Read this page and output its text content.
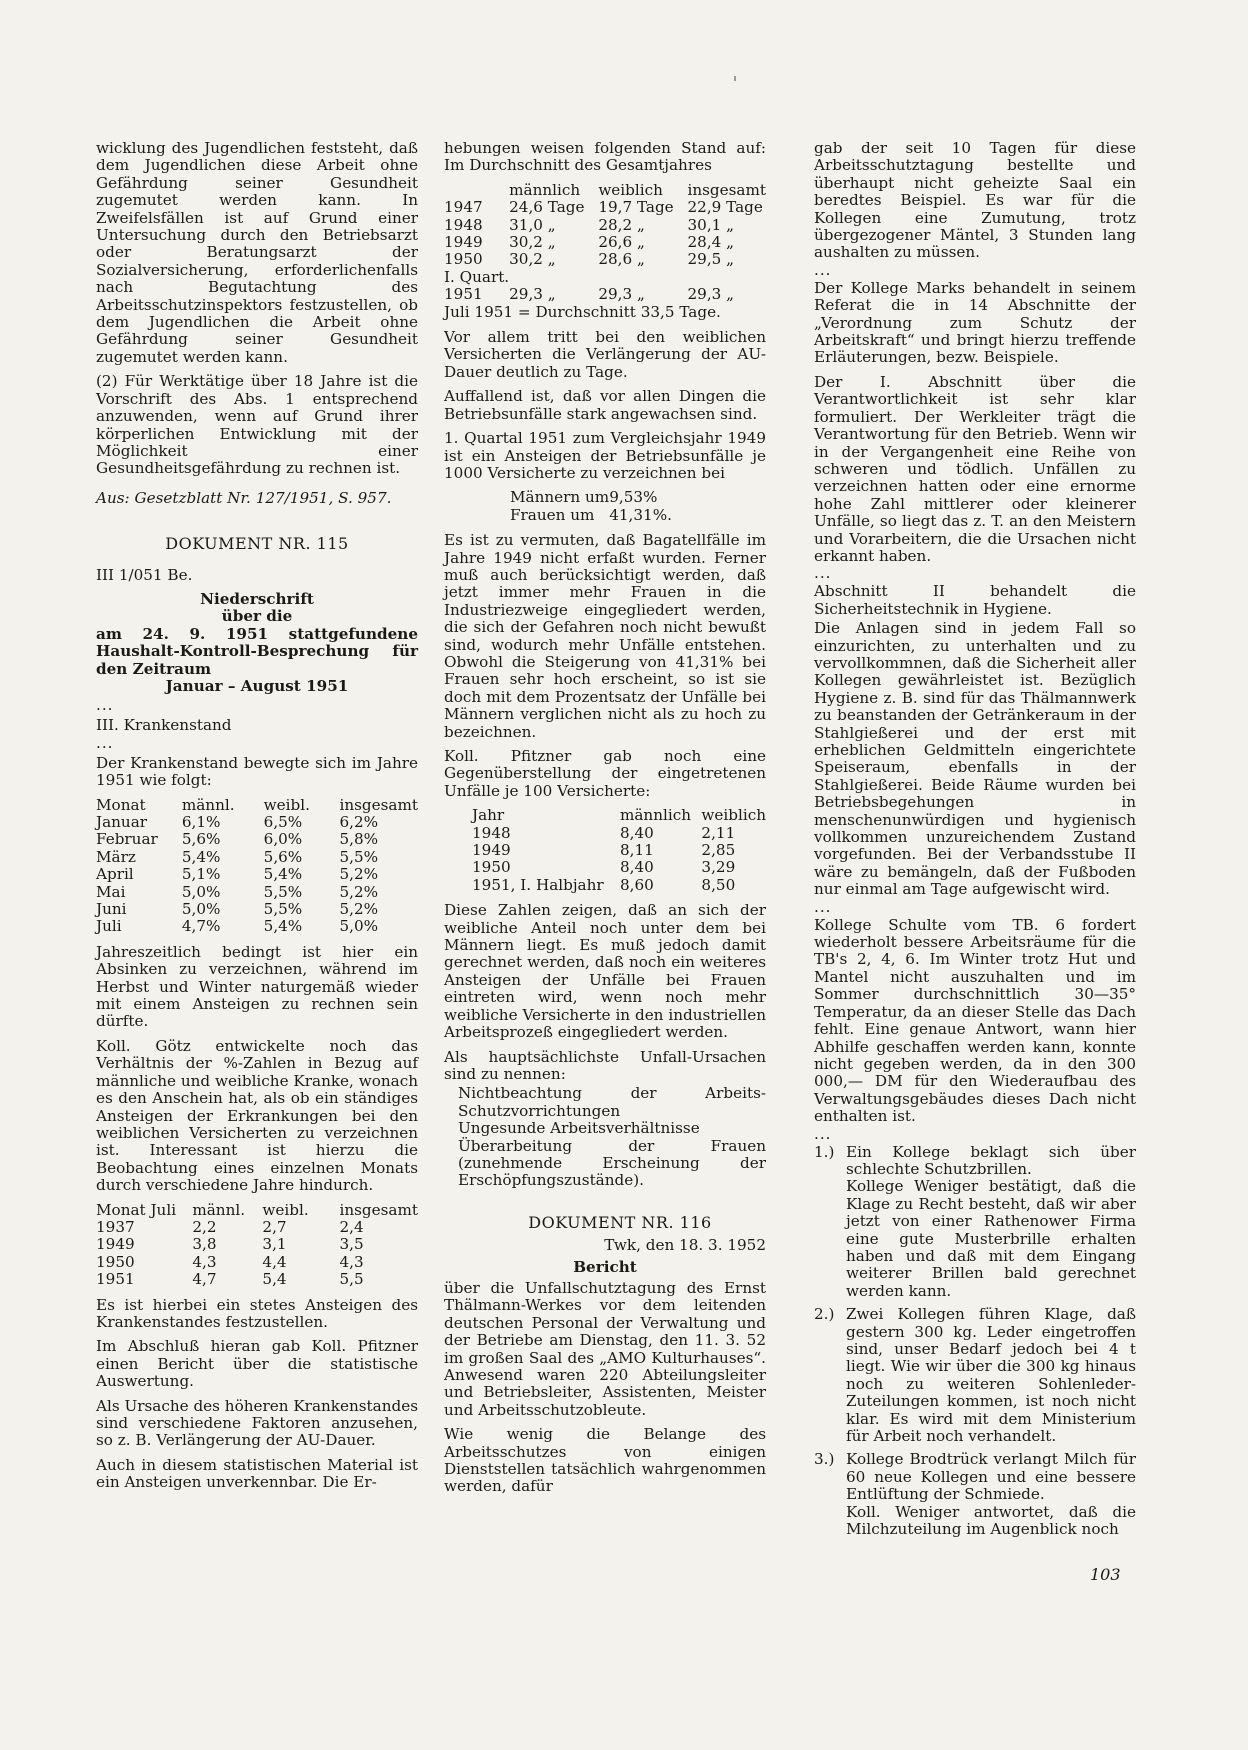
wicklung des Jugendlichen feststeht, daß dem Jugendlichen diese Arbeit ohne Gefährdung seiner Gesundheit zugemutet werden kann. In Zweifelsfällen ist auf Grund einer Untersuchung durch den Betriebsarzt oder Beratungsarzt der Sozialversicherung, erforderlichenfalls nach Begutachtung des Arbeitsschutzinspektors festzustellen, ob dem Jugendlichen die Arbeit ohne Gefährdung seiner Gesundheit zugemutet werden kann.

(2) Für Werktätige über 18 Jahre ist die Vorschrift des Abs. 1 entsprechend anzuwenden, wenn auf Grund ihrer körperlichen Entwicklung mit der Möglichkeit einer Gesundheitsgefährdung zu rechnen ist.

Aus: Gesetzblatt Nr. 127/1951, S. 957.

DOKUMENT NR. 115

III 1/051 Be.

Niederschrift
über die
am 24. 9. 1951 stattgefundene Haushalt-Kontroll-Besprechung für den Zeitraum
Januar – August 1951
...

III. Krankenstand

...

Der Krankenstand bewegte sich im Jahre 1951 wie folgt:

Monat	männl.	weibl.	insgesamt
Januar	6,1%	6,5%	6,2%
Februar	5,6%	6,0%	5,8%
März	5,4%	5,6%	5,5%
April	5,1%	5,4%	5,2%
Mai	5,0%	5,5%	5,2%
Juni	5,0%	5,5%	5,2%
Juli	4,7%	5,4%	5,0%

Jahreszeitlich bedingt ist hier ein Absinken zu verzeichnen, während im Herbst und Winter naturgemäß wieder mit einem Ansteigen zu rechnen sein dürfte.

Koll. Götz entwickelte noch das Verhältnis der %-Zahlen in Bezug auf männliche und weibliche Kranke, wonach es den Anschein hat, als ob ein ständiges Ansteigen der Erkrankungen bei den weiblichen Versicherten zu verzeichnen ist. Interessant ist hierzu die Beobachtung eines einzelnen Monats durch verschiedene Jahre hindurch.

Monat Juli	männl.	weibl.	insgesamt
1937	2,2	2,7	2,4
1949	3,8	3,1	3,5
1950	4,3	4,4	4,3
1951	4,7	5,4	5,5

Es ist hierbei ein stetes Ansteigen des Krankenstandes festzustellen.

Im Abschluß hieran gab Koll. Pfitzner einen Bericht über die statistische Auswertung.

Als Ursache des höheren Krankenstandes sind verschiedene Faktoren anzusehen, so z. B. Verlängerung der AU-Dauer.

Auch in diesem statistischen Material ist ein Ansteigen unverkennbar. Die Er-

hebungen weisen folgenden Stand auf: Im Durchschnitt des Gesamtjahres

	männlich	weiblich	insgesamt
1947	24,6 Tage	19,7 Tage	22,9 Tage
1948	31,0 „	28,2 „	30,1 „
1949	30,2 „	26,6 „	28,4 „
1950	30,2 „	28,6 „	29,5 „
I. Quart.			
1951	29,3 „	29,3 „	29,3 „
Juli 1951 = Durchschnitt 33,5 Tage.			

Vor allem tritt bei den weiblichen Versicherten die Verlängerung der AU-Dauer deutlich zu Tage.

Auffallend ist, daß vor allen Dingen die Betriebsunfälle stark angewachsen sind.

1. Quartal 1951 zum Vergleichsjahr 1949 ist ein Ansteigen der Betriebsunfälle je 1000 Versicherte zu verzeichnen bei

Männern um	9,53%
Frauen um	41,31%.

Es ist zu vermuten, daß Bagatellfälle im Jahre 1949 nicht erfaßt wurden. Ferner muß auch berücksichtigt werden, daß jetzt immer mehr Frauen in die Industriezweige eingegliedert werden, die sich der Gefahren noch nicht bewußt sind, wodurch mehr Unfälle entstehen. Obwohl die Steigerung von 41,31% bei Frauen sehr hoch erscheint, so ist sie doch mit dem Prozentsatz der Unfälle bei Männern verglichen nicht als zu hoch zu bezeichnen.

Koll. Pfitzner gab noch eine Gegenüberstellung der eingetretenen Unfälle je 100 Versicherte:

Jahr	männlich	weiblich
1948	8,40	2,11
1949	8,11	2,85
1950	8,40	3,29
1951, I. Halbjahr	8,60	8,50

Diese Zahlen zeigen, daß an sich der weibliche Anteil noch unter dem bei Männern liegt. Es muß jedoch damit gerechnet werden, daß noch ein weiteres Ansteigen der Unfälle bei Frauen eintreten wird, wenn noch mehr weibliche Versicherte in den industriellen Arbeitsprozeß eingegliedert werden.

Als hauptsächlichste Unfall-Ursachen sind zu nennen:

Nichtbeachtung der Arbeits-Schutzvorrichtungen
Ungesunde Arbeitsverhältnisse
Überarbeitung der Frauen (zunehmende Erscheinung der Erschöpfungszustände).
DOKUMENT NR. 116
Twk, den 18. 3. 1952
Bericht

über die Unfallschutztagung des Ernst Thälmann-Werkes vor dem leitenden deutschen Personal der Verwaltung und der Betriebe am Dienstag, den 11. 3. 52 im großen Saal des „AMO Kulturhauses“. Anwesend waren 220 Abteilungsleiter und Betriebsleiter, Assistenten, Meister und Arbeitsschutzobleute.

Wie wenig die Belange des Arbeitsschutzes von einigen Dienststellen tatsächlich wahrgenommen werden, dafür

gab der seit 10 Tagen für diese Arbeitsschutztagung bestellte und überhaupt nicht geheizte Saal ein beredtes Beispiel. Es war für die Kollegen eine Zumutung, trotz übergezogener Mäntel, 3 Stunden lang aushalten zu müssen.

...

Der Kollege Marks behandelt in seinem Referat die in 14 Abschnitte der „Verordnung zum Schutz der Arbeitskraft“ und bringt hierzu treffende Erläuterungen, bezw. Beispiele.

Der I. Abschnitt über die Verantwortlichkeit ist sehr klar formuliert. Der Werkleiter trägt die Verantwortung für den Betrieb. Wenn wir in der Vergangenheit eine Reihe von schweren und tödlich. Unfällen zu verzeichnen hatten oder eine ernorme hohe Zahl mittlerer oder kleinerer Unfälle, so liegt das z. T. an den Meistern und Vorarbeitern, die die Ursachen nicht erkannt haben.

...

Abschnitt II behandelt die Sicherheitstechnik in Hygiene.

Die Anlagen sind in jedem Fall so einzurichten, zu unterhalten und zu vervollkommnen, daß die Sicherheit aller Kollegen gewährleistet ist. Bezüglich Hygiene z. B. sind für das Thälmannwerk zu beanstanden der Getränkeraum in der Stahlgießerei und der erst mit erheblichen Geldmitteln eingerichtete Speiseraum, ebenfalls in der Stahlgießerei. Beide Räume wurden bei Betriebsbegehungen in menschenunwürdigen und hygienisch vollkommen unzureichendem Zustand vorgefunden. Bei der Verbandsstube II wäre zu bemängeln, daß der Fußboden nur einmal am Tage aufgewischt wird.

...

Kollege Schulte vom TB. 6 fordert wiederholt bessere Arbeitsräume für die TB's 2, 4, 6. Im Winter trotz Hut und Mantel nicht auszuhalten und im Sommer durchschnittlich 30—35° Temperatur, da an dieser Stelle das Dach fehlt. Eine genaue Antwort, wann hier Abhilfe geschaffen werden kann, konnte nicht gegeben werden, da in den 300 000,— DM für den Wiederaufbau des Verwaltungsgebäudes dieses Dach nicht enthalten ist.

...
1.) Ein Kollege beklagt sich über schlechte Schutzbrillen.
Kollege Weniger bestätigt, daß die Klage zu Recht besteht, daß wir aber jetzt von einer Rathenower Firma eine gute Musterbrille erhalten haben und daß mit dem Eingang weiterer Brillen bald gerechnet werden kann.
2.) Zwei Kollegen führen Klage, daß gestern 300 kg. Leder eingetroffen sind, unser Bedarf jedoch bei 4 t liegt. Wie wir über die 300 kg hinaus noch zu weiteren Sohlenleder-Zuteilungen kommen, ist noch nicht klar. Es wird mit dem Ministerium für Arbeit noch verhandelt.
3.) Kollege Brodtrück verlangt Milch für 60 neue Kollegen und eine bessere Entlüftung der Schmiede.
Koll. Weniger antwortet, daß die Milchzuteilung im Augenblick noch
103
